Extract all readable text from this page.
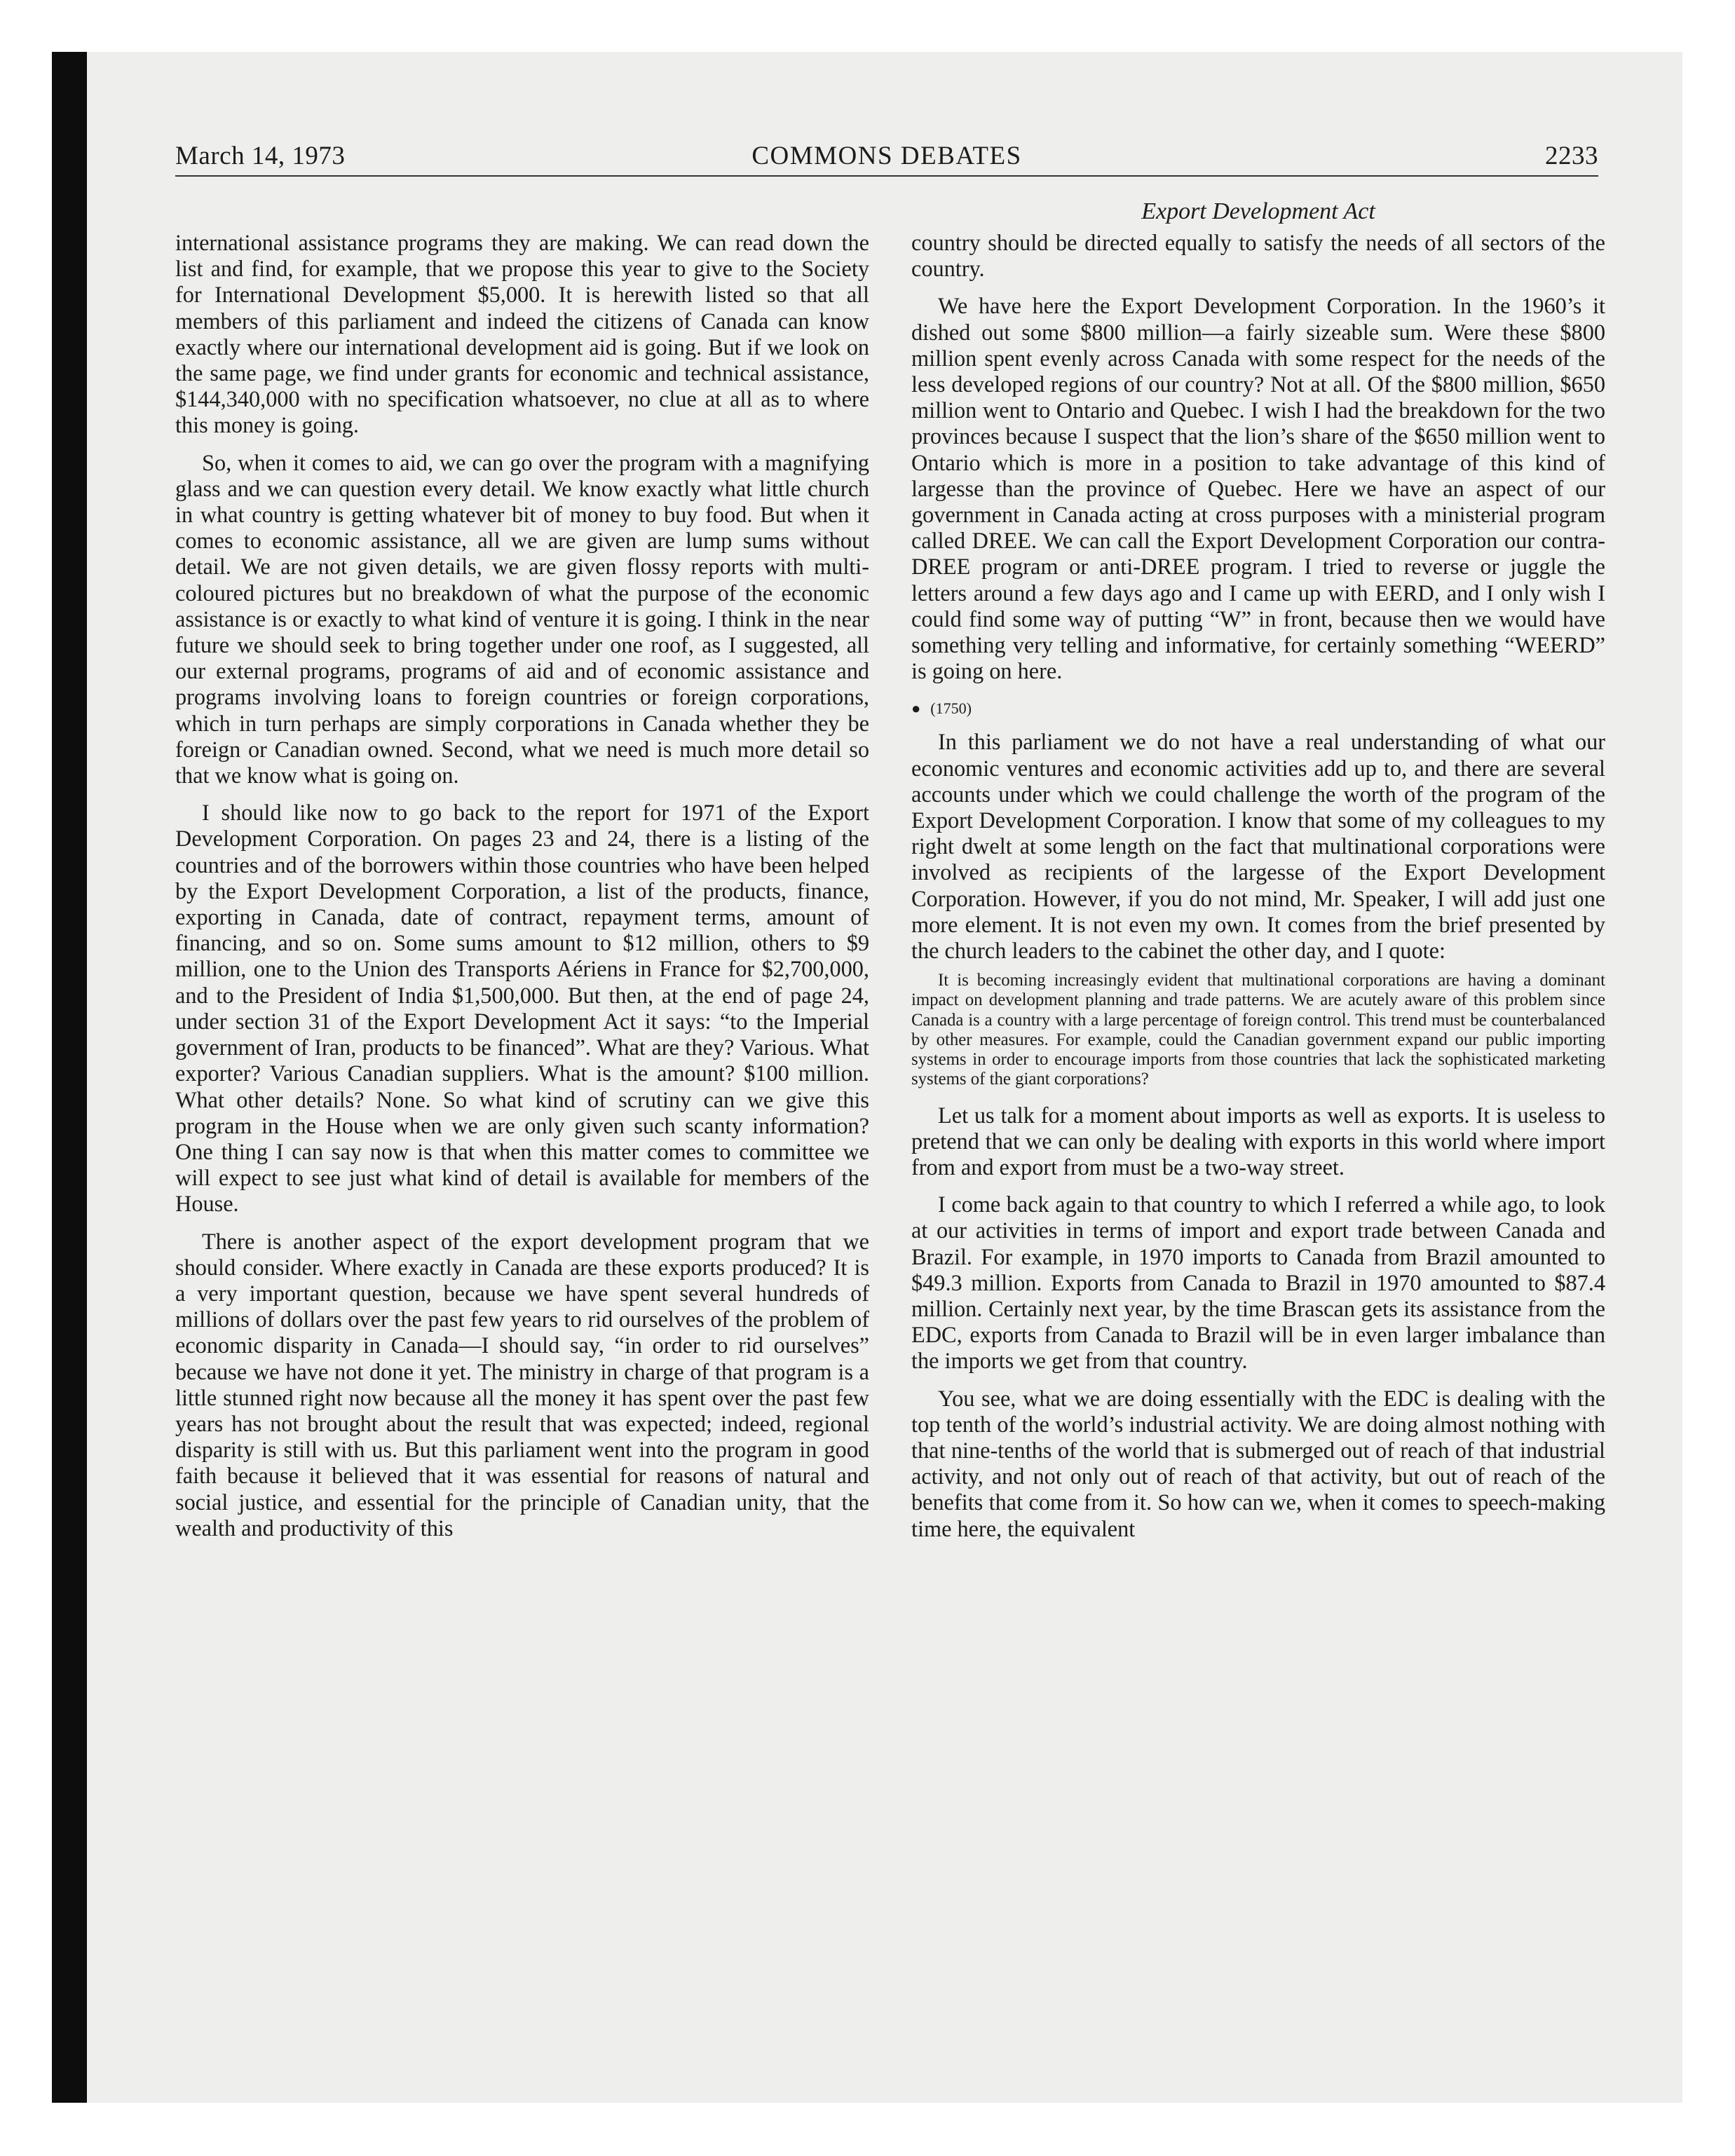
March 14, 1973	COMMONS DEBATES	2233

international assistance programs they are making. We can read down the list and find, for example, that we propose this year to give to the Society for International Development $5,000. It is herewith listed so that all members of this parliament and indeed the citizens of Canada can know exactly where our international development aid is going. But if we look on the same page, we find under grants for economic and technical assistance, $144,340,000 with no specification whatsoever, no clue at all as to where this money is going.

So, when it comes to aid, we can go over the program with a magnifying glass and we can question every detail. We know exactly what little church in what country is getting whatever bit of money to buy food. But when it comes to economic assistance, all we are given are lump sums without detail. We are not given details, we are given flossy reports with multi-coloured pictures but no breakdown of what the purpose of the economic assistance is or exactly to what kind of venture it is going. I think in the near future we should seek to bring together under one roof, as I suggested, all our external programs, programs of aid and of economic assistance and programs involving loans to foreign countries or foreign corporations, which in turn perhaps are simply corporations in Canada whether they be foreign or Canadian owned. Second, what we need is much more detail so that we know what is going on.

I should like now to go back to the report for 1971 of the Export Development Corporation. On pages 23 and 24, there is a listing of the countries and of the borrowers within those countries who have been helped by the Export Development Corporation, a list of the products, finance, exporting in Canada, date of contract, repayment terms, amount of financing, and so on. Some sums amount to $12 million, others to $9 million, one to the Union des Transports Aériens in France for $2,700,000, and to the President of India $1,500,000. But then, at the end of page 24, under section 31 of the Export Development Act it says: “to the Imperial government of Iran, products to be financed”. What are they? Various. What exporter? Various Canadian suppliers. What is the amount? $100 million. What other details? None. So what kind of scrutiny can we give this program in the House when we are only given such scanty information? One thing I can say now is that when this matter comes to committee we will expect to see just what kind of detail is available for members of the House.

There is another aspect of the export development program that we should consider. Where exactly in Canada are these exports produced? It is a very important question, because we have spent several hundreds of millions of dollars over the past few years to rid ourselves of the problem of economic disparity in Canada—I should say, “in order to rid ourselves” because we have not done it yet. The ministry in charge of that program is a little stunned right now because all the money it has spent over the past few years has not brought about the result that was expected; indeed, regional disparity is still with us. But this parliament went into the program in good faith because it believed that it was essential for reasons of natural and social justice, and essential for the principle of Canadian unity, that the wealth and productivity of this

Export Development Act

country should be directed equally to satisfy the needs of all sectors of the country.

We have here the Export Development Corporation. In the 1960’s it dished out some $800 million—a fairly sizeable sum. Were these $800 million spent evenly across Canada with some respect for the needs of the less developed regions of our country? Not at all. Of the $800 million, $650 million went to Ontario and Quebec. I wish I had the breakdown for the two provinces because I suspect that the lion’s share of the $650 million went to Ontario which is more in a position to take advantage of this kind of largesse than the province of Quebec. Here we have an aspect of our government in Canada acting at cross purposes with a ministerial program called DREE. We can call the Export Development Corporation our contra-DREE program or anti-DREE program. I tried to reverse or juggle the letters around a few days ago and I came up with EERD, and I only wish I could find some way of putting “W” in front, because then we would have something very telling and informative, for certainly something “WEERD” is going on here.

● (1750)

In this parliament we do not have a real understanding of what our economic ventures and economic activities add up to, and there are several accounts under which we could challenge the worth of the program of the Export Development Corporation. I know that some of my colleagues to my right dwelt at some length on the fact that multinational corporations were involved as recipients of the largesse of the Export Development Corporation. However, if you do not mind, Mr. Speaker, I will add just one more element. It is not even my own. It comes from the brief presented by the church leaders to the cabinet the other day, and I quote:

It is becoming increasingly evident that multinational corporations are having a dominant impact on development planning and trade patterns. We are acutely aware of this problem since Canada is a country with a large percentage of foreign control. This trend must be counterbalanced by other measures. For example, could the Canadian government expand our public importing systems in order to encourage imports from those countries that lack the sophisticated marketing systems of the giant corporations?

Let us talk for a moment about imports as well as exports. It is useless to pretend that we can only be dealing with exports in this world where import from and export from must be a two-way street.

I come back again to that country to which I referred a while ago, to look at our activities in terms of import and export trade between Canada and Brazil. For example, in 1970 imports to Canada from Brazil amounted to $49.3 million. Exports from Canada to Brazil in 1970 amounted to $87.4 million. Certainly next year, by the time Brascan gets its assistance from the EDC, exports from Canada to Brazil will be in even larger imbalance than the imports we get from that country.

You see, what we are doing essentially with the EDC is dealing with the top tenth of the world’s industrial activity. We are doing almost nothing with that nine-tenths of the world that is submerged out of reach of that industrial activity, and not only out of reach of that activity, but out of reach of the benefits that come from it. So how can we, when it comes to speech-making time here, the equivalent
